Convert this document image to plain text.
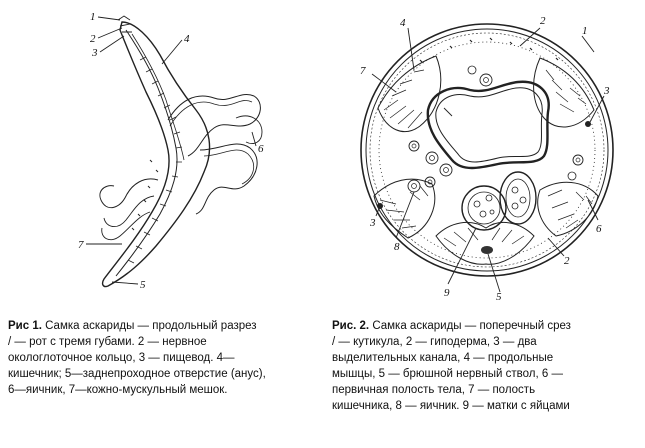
1
2
3
4
5
6
7
4	2
1
7
3
3	6
2
8
9	5
Рис 1. Самка аскариды — продольный разрез
/ — рот с тремя губами. 2 — нервное
окологлоточное кольцо, 3 — пищевод. 4—
кишечник; 5—заднепроходное отверстие (анус),
6—яичник, 7—кожно-мускульный мешок.
Рис. 2. Самка аскариды — поперечный срез
/ — кутикула, 2 — гиподерма, 3 — два
выделительных канала, 4 — продольные
мышцы, 5 — брюшной нервный ствол, 6 —
первичная полость тела, 7 — полость
кишечника, 8 — яичник. 9 — матки с яйцами
